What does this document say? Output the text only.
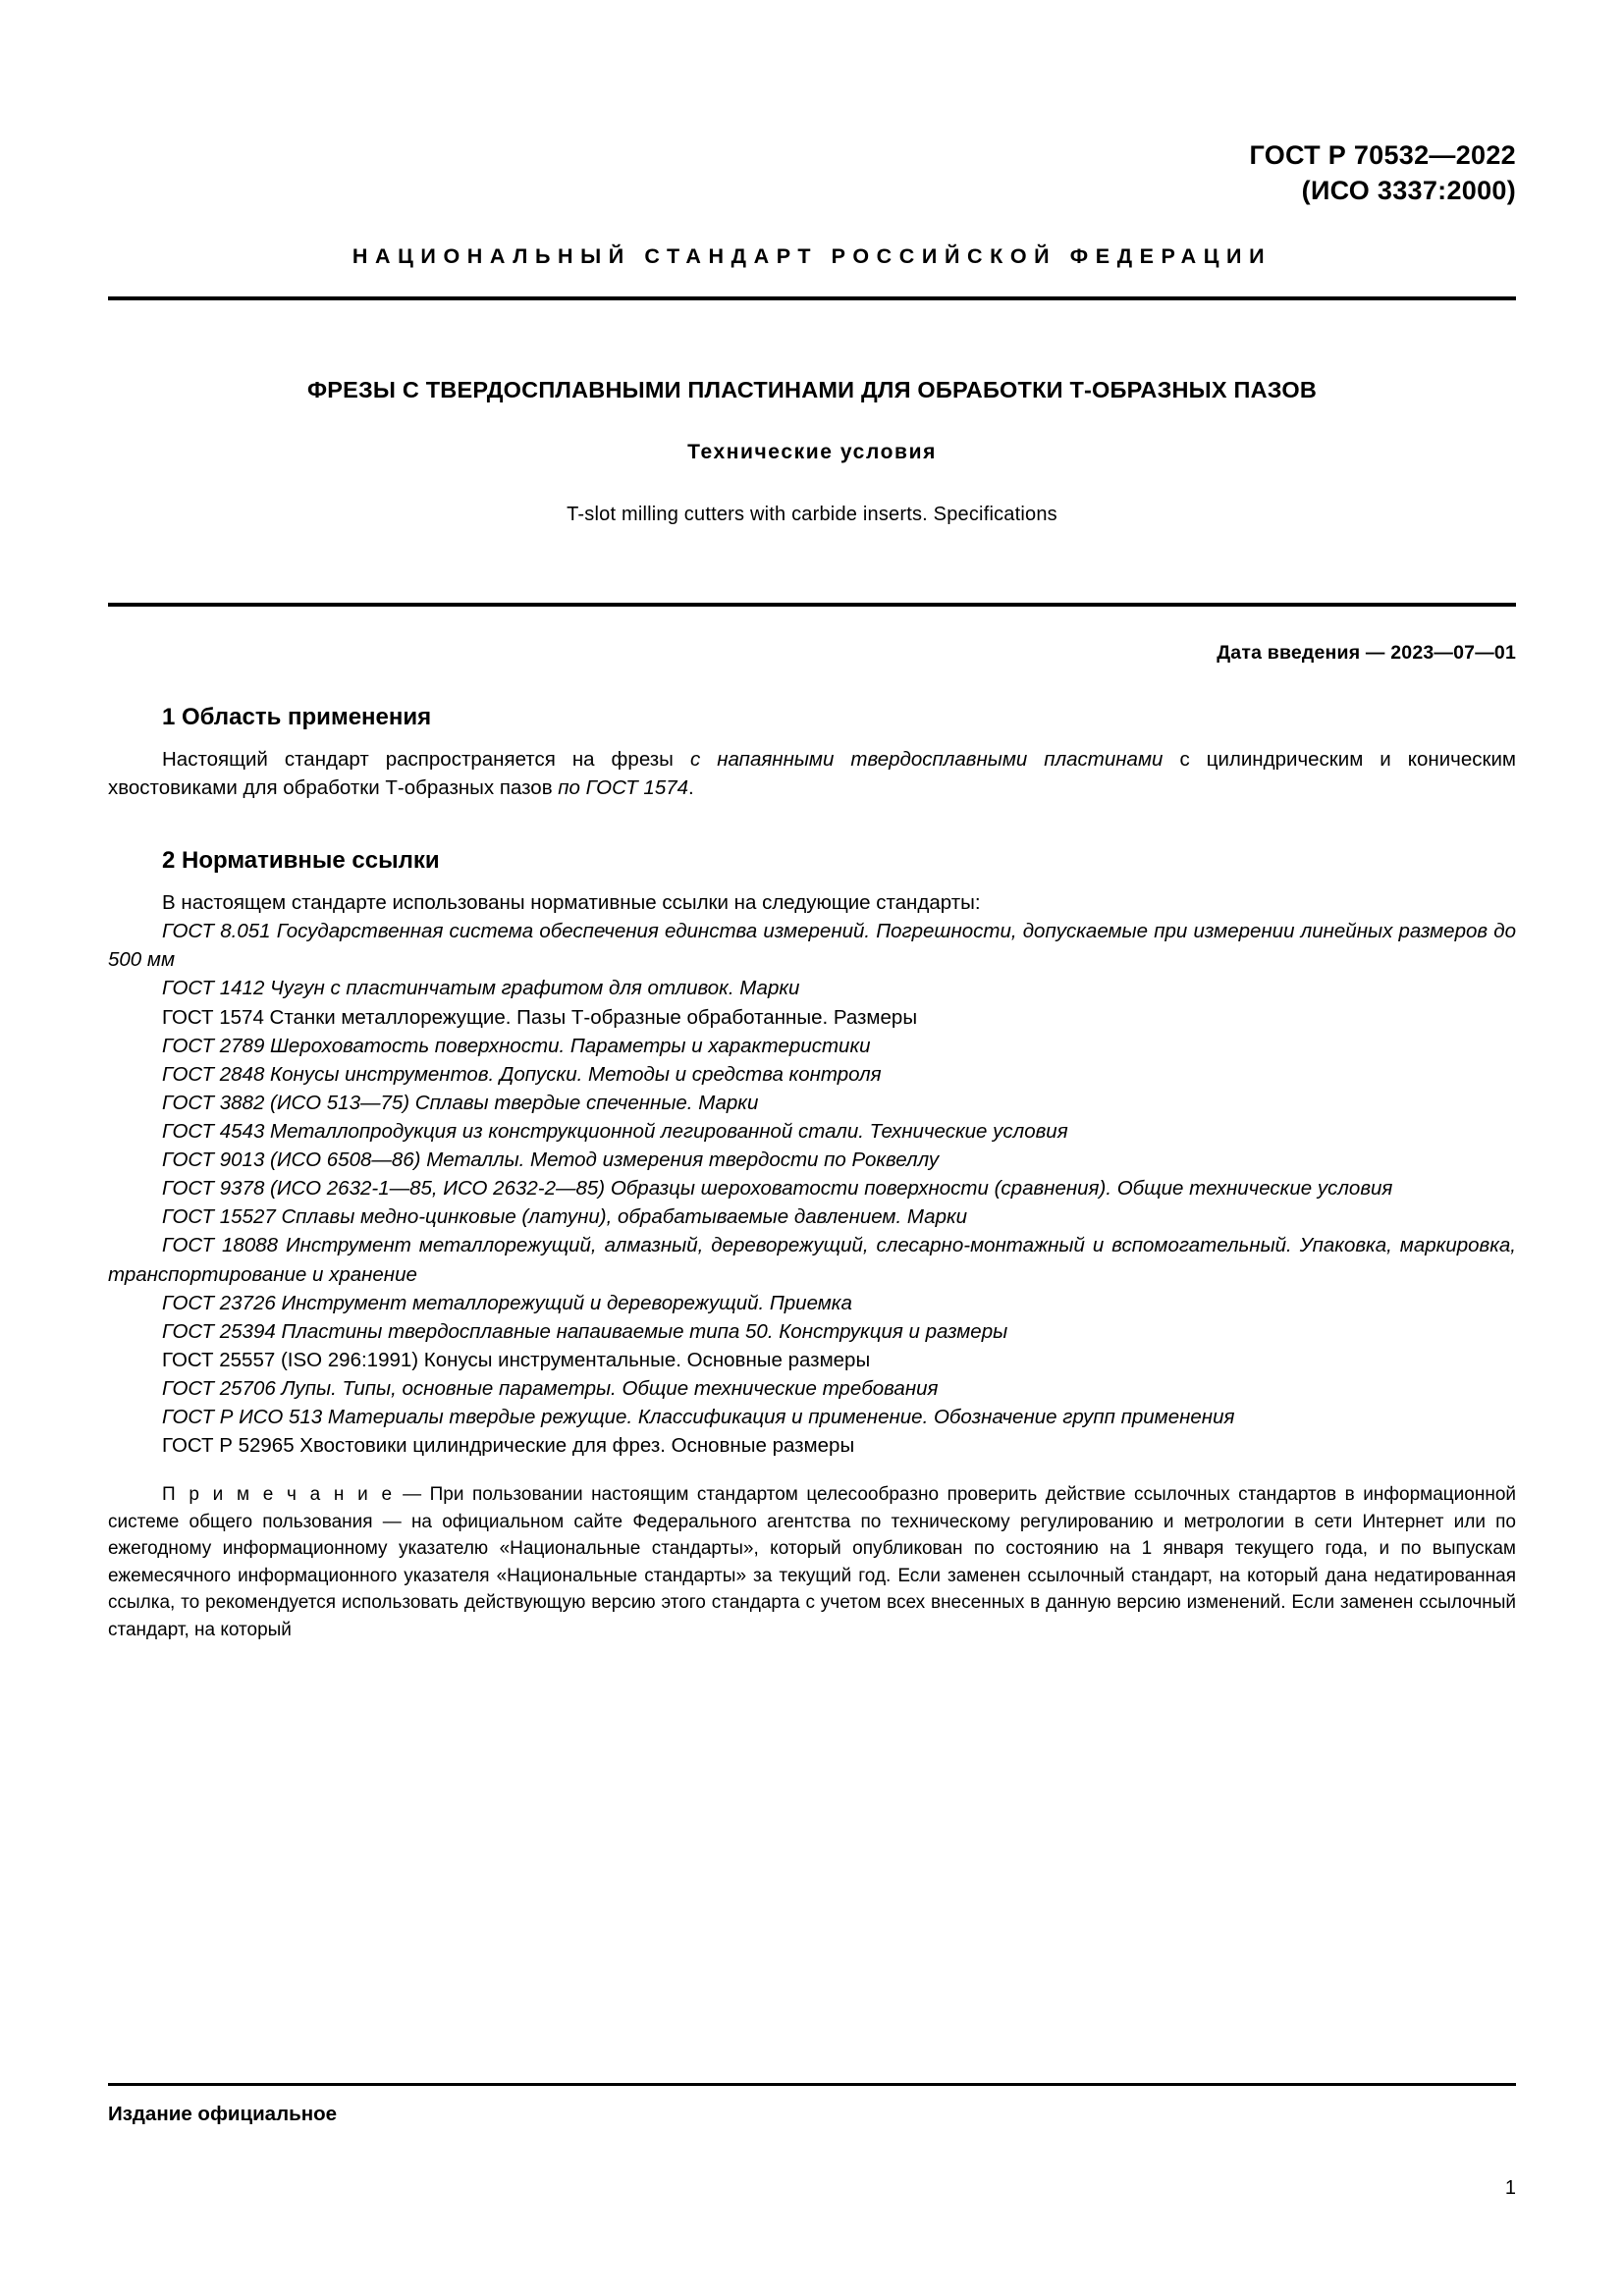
ГОСТ Р 70532—2022
(ИСО 3337:2000)
НАЦИОНАЛЬНЫЙ СТАНДАРТ РОССИЙСКОЙ ФЕДЕРАЦИИ
ФРЕЗЫ С ТВЕРДОСПЛАВНЫМИ ПЛАСТИНАМИ ДЛЯ ОБРАБОТКИ Т-ОБРАЗНЫХ ПАЗОВ
Технические условия
T-slot milling cutters with carbide inserts. Specifications
Дата введения — 2023—07—01
1 Область применения

Настоящий стандарт распространяется на фрезы с напаянными твердосплавными пластинами с цилиндрическим и коническим хвостовиками для обработки Т-образных пазов по ГОСТ 1574.

2 Нормативные ссылки

В настоящем стандарте использованы нормативные ссылки на следующие стандарты:

ГОСТ 8.051 Государственная система обеспечения единства измерений. Погрешности, допускаемые при измерении линейных размеров до 500 мм
ГОСТ 1412 Чугун с пластинчатым графитом для отливок. Марки
ГОСТ 1574 Станки металлорежущие. Пазы Т-образные обработанные. Размеры
ГОСТ 2789 Шероховатость поверхности. Параметры и характеристики
ГОСТ 2848 Конусы инструментов. Допуски. Методы и средства контроля
ГОСТ 3882 (ИСО 513—75) Сплавы твердые спеченные. Марки
ГОСТ 4543 Металлопродукция из конструкционной легированной стали. Технические условия
ГОСТ 9013 (ИСО 6508—86) Металлы. Метод измерения твердости по Роквеллу
ГОСТ 9378 (ИСО 2632-1—85, ИСО 2632-2—85) Образцы шероховатости поверхности (сравнения). Общие технические условия
ГОСТ 15527 Сплавы медно-цинковые (латуни), обрабатываемые давлением. Марки
ГОСТ 18088 Инструмент металлорежущий, алмазный, дереворежущий, слесарно-монтажный и вспомогательный. Упаковка, маркировка, транспортирование и хранение
ГОСТ 23726 Инструмент металлорежущий и дереворежущий. Приемка
ГОСТ 25394 Пластины твердосплавные напаиваемые типа 50. Конструкция и размеры
ГОСТ 25557 (ISO 296:1991) Конусы инструментальные. Основные размеры
ГОСТ 25706 Лупы. Типы, основные параметры. Общие технические требования
ГОСТ Р ИСО 513 Материалы твердые режущие. Классификация и применение. Обозначение групп применения
ГОСТ Р 52965 Хвостовики цилиндрические для фрез. Основные размеры

П р и м е ч а н и е — При пользовании настоящим стандартом целесообразно проверить действие ссылочных стандартов в информационной системе общего пользования — на официальном сайте Федерального агентства по техническому регулированию и метрологии в сети Интернет или по ежегодному информационному указателю «Национальные стандарты», который опубликован по состоянию на 1 января текущего года, и по выпускам ежемесячного информационного указателя «Национальные стандарты» за текущий год. Если заменен ссылочный стандарт, на который дана недатированная ссылка, то рекомендуется использовать действующую версию этого стандарта с учетом всех внесенных в данную версию изменений. Если заменен ссылочный стандарт, на который

Издание официальное
1
